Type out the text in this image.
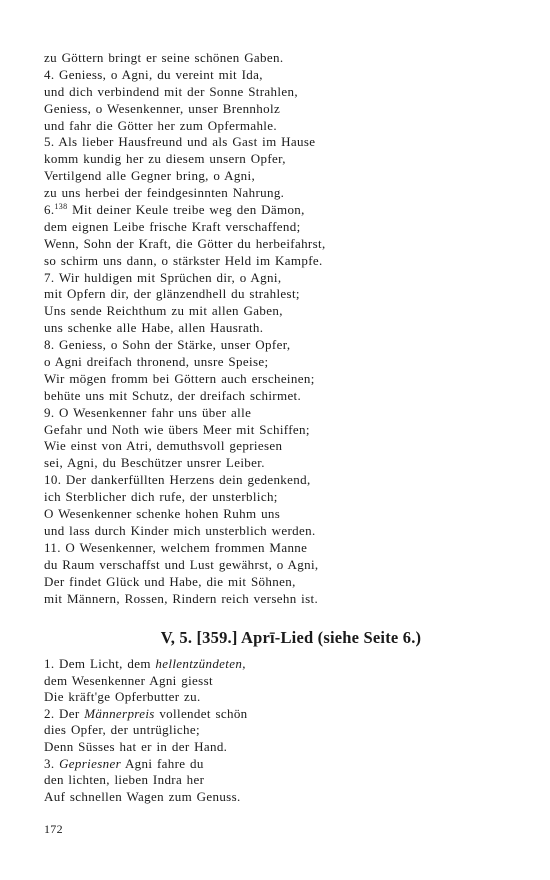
zu Göttern bringt er seine schönen Gaben.
4. Geniess, o Agni, du vereint mit Ida,
und dich verbindend mit der Sonne Strahlen,
Geniess, o Wesenkenner, unser Brennholz
und fahr die Götter her zum Opfermahle.
5. Als lieber Hausfreund und als Gast im Hause
komm kundig her zu diesem unsern Opfer,
Vertilgend alle Gegner bring, o Agni,
zu uns herbei der feindgesinnten Nahrung.
6.$^{138}$ Mit deiner Keule treibe weg den Dämon,
dem eignen Leibe frische Kraft verschaffend;
Wenn, Sohn der Kraft, die Götter du herbeifahrst,
so schirm uns dann, o stärkster Held im Kampfe.
7. Wir huldigen mit Sprüchen dir, o Agni,
mit Opfern dir, der glänzendhell du strahlest;
Uns sende Reichthum zu mit allen Gaben,
uns schenke alle Habe, allen Hausrath.
8. Geniess, o Sohn der Stärke, unser Opfer,
o Agni dreifach thronend, unsre Speise;
Wir mögen fromm bei Göttern auch erscheinen;
behüte uns mit Schutz, der dreifach schirmet.
9. O Wesenkenner fahr uns über alle
Gefahr und Noth wie übers Meer mit Schiffen;
Wie einst von Atri, demuthsvoll gepriesen
sei, Agni, du Beschützer unsrer Leiber.
10. Der dankerfüllten Herzens dein gedenkend,
ich Sterblicher dich rufe, der unsterblich;
O Wesenkenner schenke hohen Ruhm uns
und lass durch Kinder mich unsterblich werden.
11. O Wesenkenner, welchem frommen Manne
du Raum verschaffst und Lust gewährst, o Agni,
Der findet Glück und Habe, die mit Söhnen,
mit Männern, Rossen, Rindern reich versehn ist.
V, 5. [359.] Aprī-Lied (siehe Seite 6.)
1. Dem Licht, dem hellentzündeten,
dem Wesenkenner Agni giesst
Die kräft'ge Opferbutter zu.
2. Der Männerpreis vollendet schön
dies Opfer, der untrügliche;
Denn Süsses hat er in der Hand.
3. Gepriesner Agni fahre du
den lichten, lieben Indra her
Auf schnellen Wagen zum Genuss.
172
